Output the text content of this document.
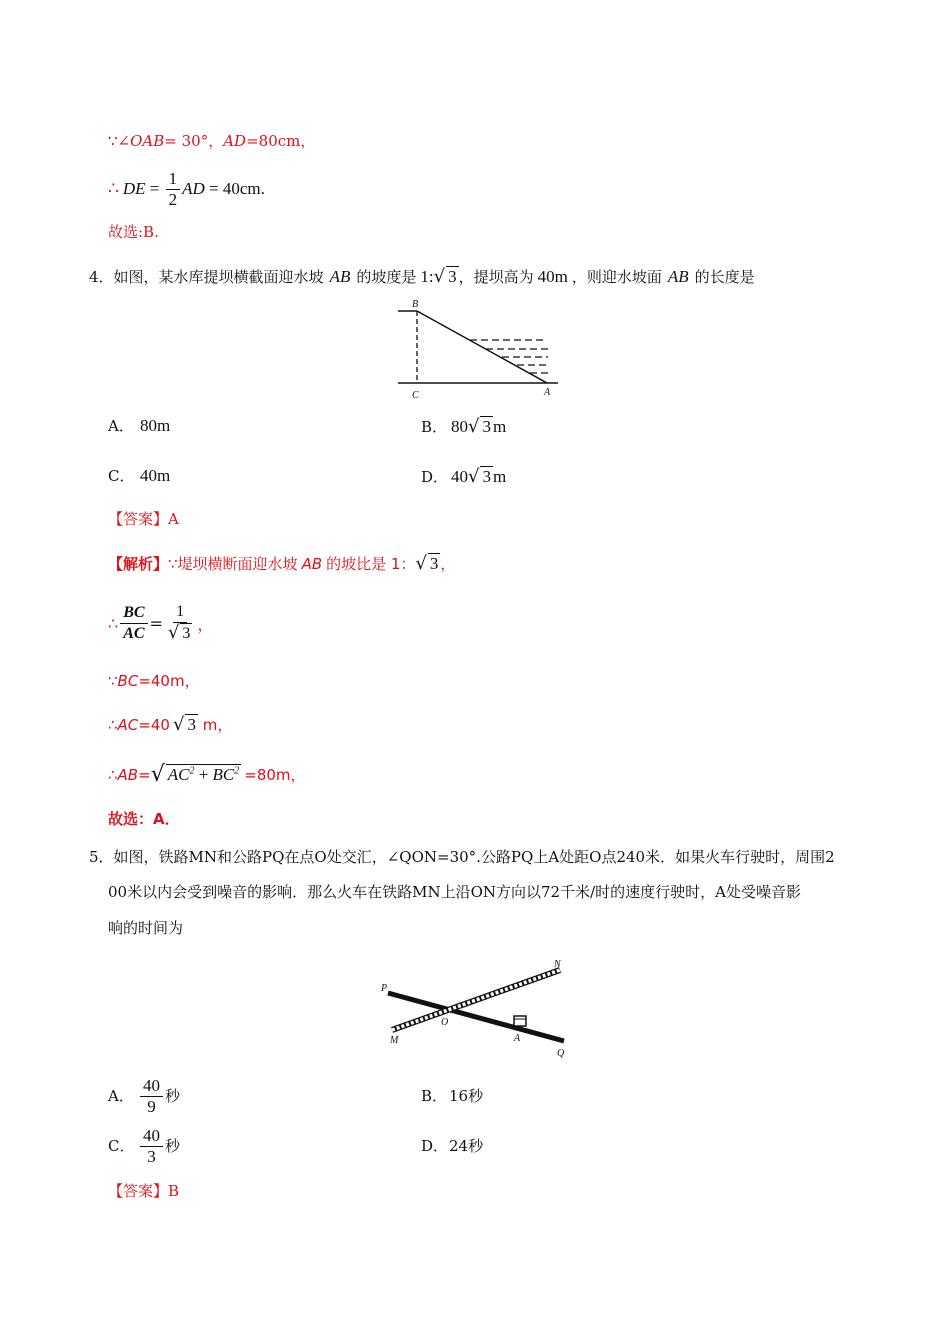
∵∠OAB= 30°，AD=80cm，
∴ DE = $\frac{1}{2}$ AD = 40cm.
故选:B.
4． 如图，某水库提坝横截面迎水坡 AB 的坡度是 1: √ 3 ，提坝高为 40m ，则迎水坡面 AB 的长度是
B
C	A
A． 80m	B． 80 √ 3 m
C． 40m	D． 40 √ 3 m
【答案】A
【解析】 ∵堤坝横断面迎水坡 AB 的坡比是 1： √ 3 ，
∴ $\frac{BC}{AC} = \frac{1}{√ 3}$ ，
∵BC=40m，
∴ AC =40 √ 3 m，
∴ AB = √ $AC^2 + BC^2 =80m$，
故选：A．
5．如图，铁路MN和公路PQ在点O处交汇，∠QON=30°.公路PQ上A处距O点240米．如果火车行驶时，周围2
00米以内会受到噪音的影响．那么火车在铁路MN上沿ON方向以72千米/时的速度行驶时，A处受噪音影
响的时间为
P
N
M
O
A
Q
A． $\frac{40}{9}$ 秒	B． 16秒
C． $\frac{40}{3}$ 秒	D． 24秒
【答案】B
